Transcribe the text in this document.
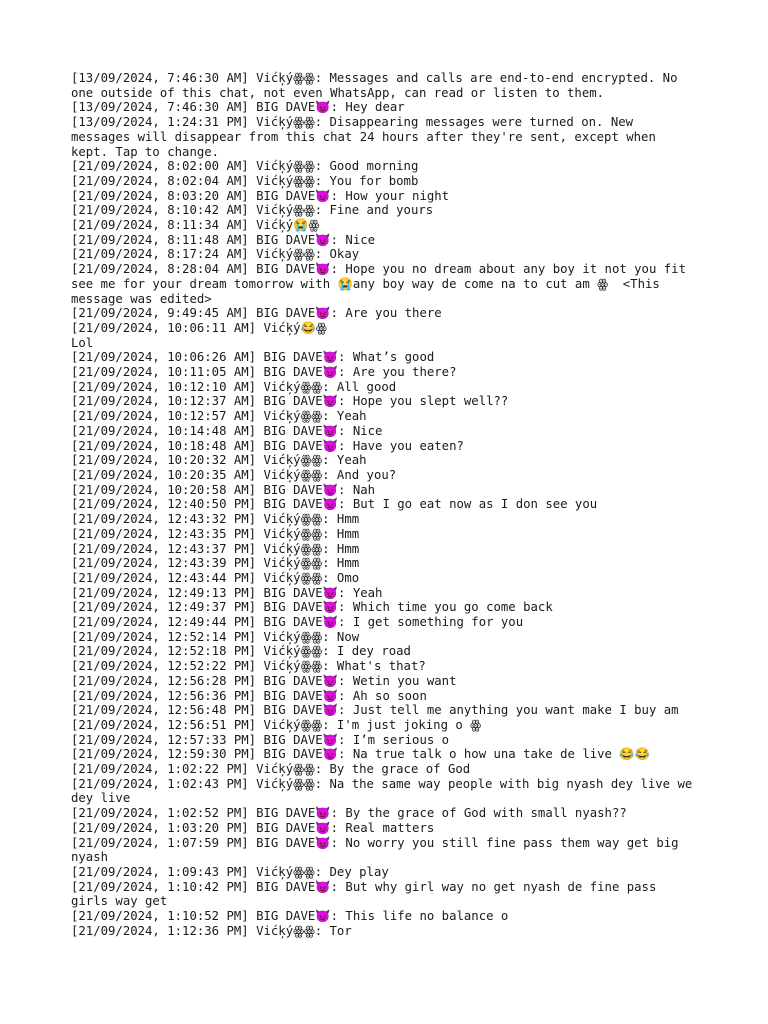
[13/09/2024, 7:46:30 AM] Vićķýꙮꙮ: Messages and calls are end-to-end encrypted. No one outside of this chat, not even WhatsApp, can read or listen to them.
[13/09/2024, 7:46:30 AM] BIG DAVE😈: Hey dear
[13/09/2024, 1:24:31 PM] Vićķýꙮꙮ: Disappearing messages were turned on. New messages will disappear from this chat 24 hours after they're sent, except when kept. Tap to change.
[21/09/2024, 8:02:00 AM] Vićķýꙮꙮ: Good morning
[21/09/2024, 8:02:04 AM] Vićķýꙮꙮ: You for bomb
[21/09/2024, 8:03:20 AM] BIG DAVE😈: How your night
[21/09/2024, 8:10:42 AM] Vićķýꙮꙮ: Fine and yours
[21/09/2024, 8:11:34 AM] Vićķý😭ꙮ
[21/09/2024, 8:11:48 AM] BIG DAVE😈: Nice
[21/09/2024, 8:17:24 AM] Vićķýꙮꙮ: Okay
[21/09/2024, 8:28:04 AM] BIG DAVE😈: Hope you no dream about any boy it not you fit see me for your dream tomorrow with 😭any boy way de come na to cut am ꙮ  <This message was edited>
[21/09/2024, 9:49:45 AM] BIG DAVE😈: Are you there
[21/09/2024, 10:06:11 AM] Vićķý😂ꙮ
Lol
[21/09/2024, 10:06:26 AM] BIG DAVE😈: What’s good
[21/09/2024, 10:11:05 AM] BIG DAVE😈: Are you there?
[21/09/2024, 10:12:10 AM] Vićķýꙮꙮ: All good
[21/09/2024, 10:12:37 AM] BIG DAVE😈: Hope you slept well??
[21/09/2024, 10:12:57 AM] Vićķýꙮꙮ: Yeah
[21/09/2024, 10:14:48 AM] BIG DAVE😈: Nice
[21/09/2024, 10:18:48 AM] BIG DAVE😈: Have you eaten?
[21/09/2024, 10:20:32 AM] Vićķýꙮꙮ: Yeah
[21/09/2024, 10:20:35 AM] Vićķýꙮꙮ: And you?
[21/09/2024, 10:20:58 AM] BIG DAVE😈: Nah
[21/09/2024, 12:40:50 PM] BIG DAVE😈: But I go eat now as I don see you
[21/09/2024, 12:43:32 PM] Vićķýꙮꙮ: Hmm
[21/09/2024, 12:43:35 PM] Vićķýꙮꙮ: Hmm
[21/09/2024, 12:43:37 PM] Vićķýꙮꙮ: Hmm
[21/09/2024, 12:43:39 PM] Vićķýꙮꙮ: Hmm
[21/09/2024, 12:43:44 PM] Vićķýꙮꙮ: Omo
[21/09/2024, 12:49:13 PM] BIG DAVE😈: Yeah
[21/09/2024, 12:49:37 PM] BIG DAVE😈: Which time you go come back
[21/09/2024, 12:49:44 PM] BIG DAVE😈: I get something for you
[21/09/2024, 12:52:14 PM] Vićķýꙮꙮ: Now
[21/09/2024, 12:52:18 PM] Vićķýꙮꙮ: I dey road
[21/09/2024, 12:52:22 PM] Vićķýꙮꙮ: What's that?
[21/09/2024, 12:56:28 PM] BIG DAVE😈: Wetin you want
[21/09/2024, 12:56:36 PM] BIG DAVE😈: Ah so soon
[21/09/2024, 12:56:48 PM] BIG DAVE😈: Just tell me anything you want make I buy am
[21/09/2024, 12:56:51 PM] Vićķýꙮꙮ: I'm just joking o ꙮ
[21/09/2024, 12:57:33 PM] BIG DAVE😈: I’m serious o
[21/09/2024, 12:59:30 PM] BIG DAVE😈: Na true talk o how una take de live 😂😂
[21/09/2024, 1:02:22 PM] Vićķýꙮꙮ: By the grace of God
[21/09/2024, 1:02:43 PM] Vićķýꙮꙮ: Na the same way people with big nyash dey live we dey live
[21/09/2024, 1:02:52 PM] BIG DAVE😈: By the grace of God with small nyash??
[21/09/2024, 1:03:20 PM] BIG DAVE😈: Real matters
[21/09/2024, 1:07:59 PM] BIG DAVE😈: No worry you still fine pass them way get big nyash
[21/09/2024, 1:09:43 PM] Vićķýꙮꙮ: Dey play
[21/09/2024, 1:10:42 PM] BIG DAVE😈: But why girl way no get nyash de fine pass girls way get
[21/09/2024, 1:10:52 PM] BIG DAVE😈: This life no balance o
[21/09/2024, 1:12:36 PM] Vićķýꙮꙮ: Tor
